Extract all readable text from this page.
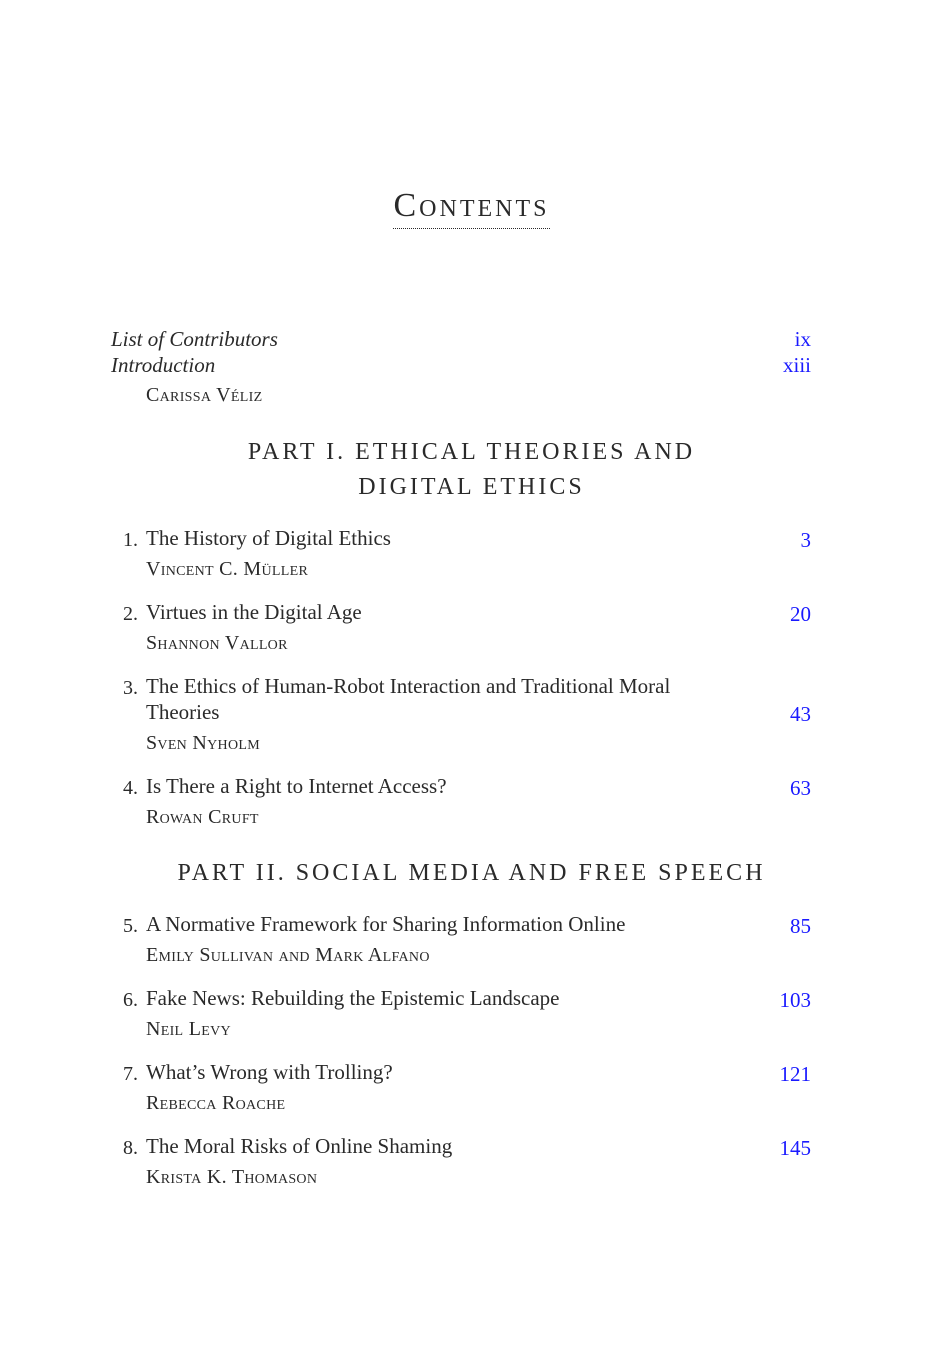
Contents
List of Contributors	ix
Introduction	xiii
Carissa Véliz
PART I. ETHICAL THEORIES AND
DIGITAL ETHICS
1. The History of Digital Ethics	3
Vincent C. Müller
2. Virtues in the Digital Age	20
Shannon Vallor
3. The Ethics of Human-Robot Interaction and Traditional Moral
Theories	43
Sven Nyholm
4. Is There a Right to Internet Access?	63
Rowan Cruft
PART II. SOCIAL MEDIA AND FREE SPEECH
5. A Normative Framework for Sharing Information Online	85
Emily Sullivan and Mark Alfano
6. Fake News: Rebuilding the Epistemic Landscape	103
Neil Levy
7. What’s Wrong with Trolling?	121
Rebecca Roache
8. The Moral Risks of Online Shaming	145
Krista K. Thomason
